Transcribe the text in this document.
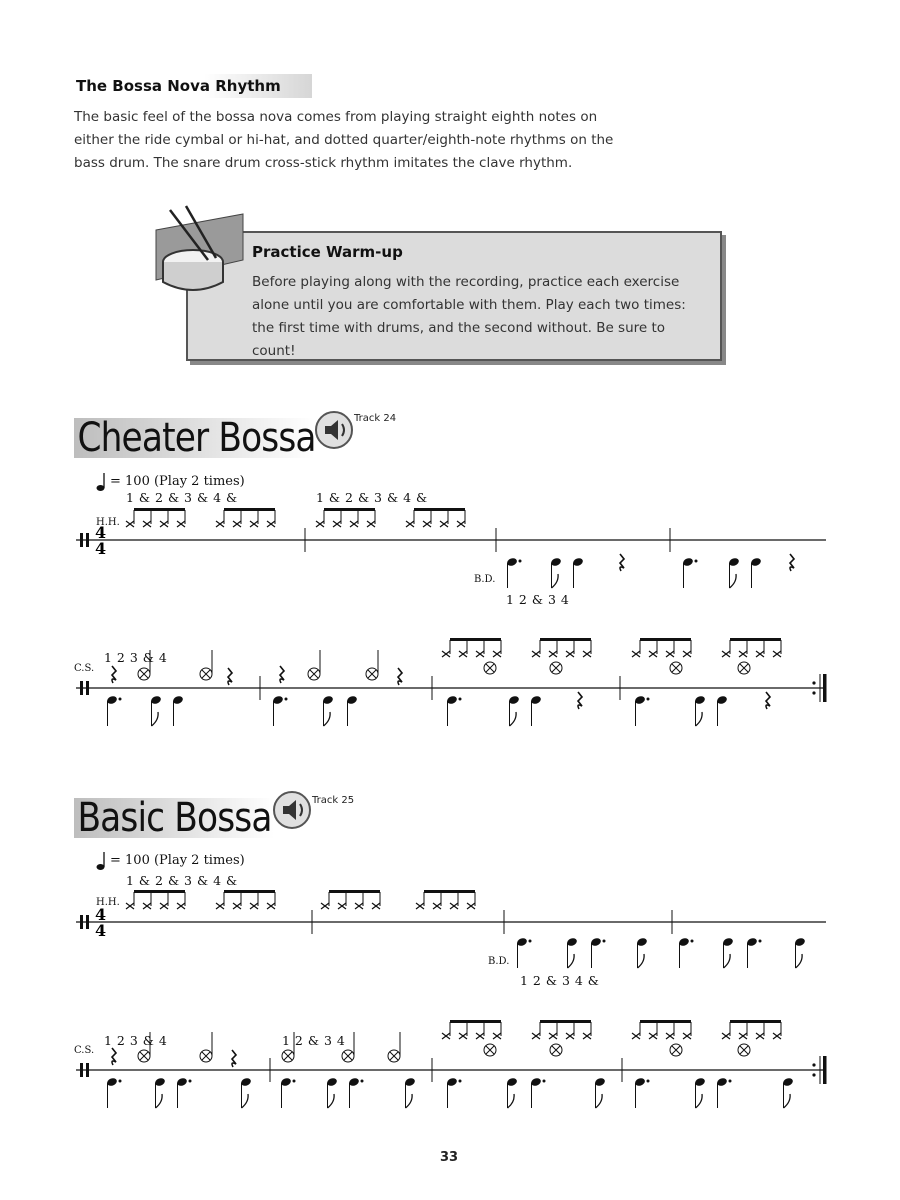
The Bossa Nova Rhythm
The basic feel of the bossa nova comes from playing straight eighth notes on either the ride cymbal or hi-hat, and dotted quarter/eighth-note rhythms on the bass drum. The snare drum cross-stick rhythm imitates the clave rhythm.
Practice Warm-up
Before playing along with the recording, practice each exercise alone until you are comfortable with them. Play each two times: the first time with drums, and the second without. Be sure to count!
Cheater Bossa	Track 24
= 100 (Play 2 times)
1 & 2 & 3 & 4 &	1 & 2 & 3 & 4 &
H.H.
B.D.
1 2 & 3 4
4
4
C.S.
1 2 3 & 4
Basic Bossa	Track 25
= 100 (Play 2 times)
1 & 2 & 3 & 4 &
H.H.
B.D.
1 2 & 3 4 &
4
4
C.S.
1 2 3 & 4	1 2 & 3 4
33
